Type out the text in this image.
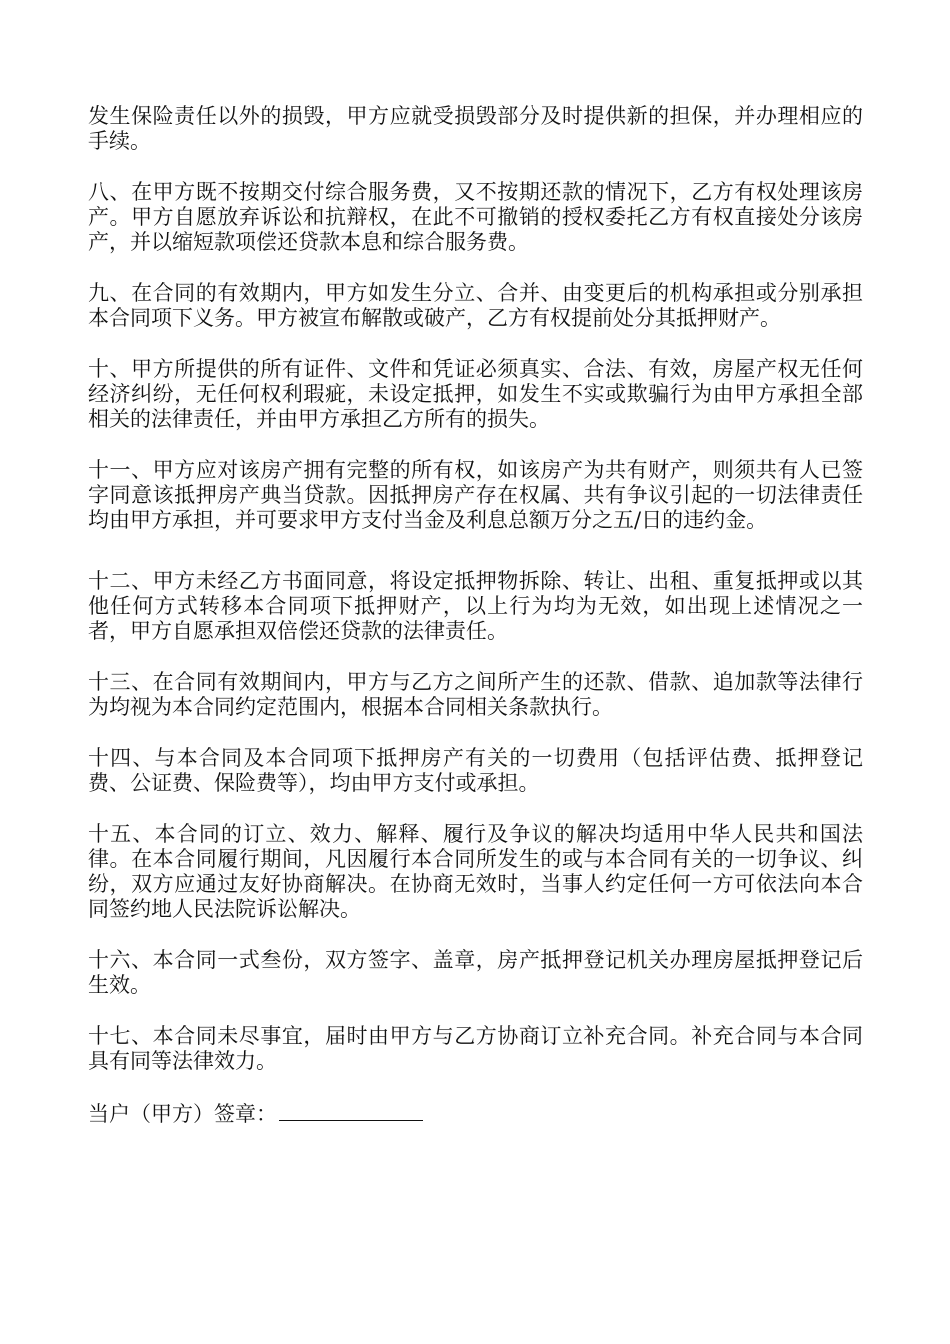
发生保险责任以外的损毁，甲方应就受损毁部分及时提供新的担保，并办理相应的手续。

八、在甲方既不按期交付综合服务费，又不按期还款的情况下，乙方有权处理该房产。甲方自愿放弃诉讼和抗辩权，在此不可撤销的授权委托乙方有权直接处分该房产，并以缩短款项偿还贷款本息和综合服务费。

九、在合同的有效期内，甲方如发生分立、合并、由变更后的机构承担或分别承担本合同项下义务。甲方被宣布解散或破产，乙方有权提前处分其抵押财产。

十、甲方所提供的所有证件、文件和凭证必须真实、合法、有效，房屋产权无任何经济纠纷，无任何权利瑕疵，未设定抵押，如发生不实或欺骗行为由甲方承担全部相关的法律责任，并由甲方承担乙方所有的损失。

十一、甲方应对该房产拥有完整的所有权，如该房产为共有财产，则须共有人已签字同意该抵押房产典当贷款。因抵押房产存在权属、共有争议引起的一切法律责任均由甲方承担，并可要求甲方支付当金及利息总额万分之五/日的违约金。

十二、甲方未经乙方书面同意，将设定抵押物拆除、转让、出租、重复抵押或以其他任何方式转移本合同项下抵押财产，以上行为均为无效，如出现上述情况之一者，甲方自愿承担双倍偿还贷款的法律责任。

十三、在合同有效期间内，甲方与乙方之间所产生的还款、借款、追加款等法律行为均视为本合同约定范围内，根据本合同相关条款执行。

十四、与本合同及本合同项下抵押房产有关的一切费用（包括评估费、抵押登记费、公证费、保险费等），均由甲方支付或承担。

十五、本合同的订立、效力、解释、履行及争议的解决均适用中华人民共和国法律。在本合同履行期间，凡因履行本合同所发生的或与本合同有关的一切争议、纠纷，双方应通过友好协商解决。在协商无效时，当事人约定任何一方可依法向本合同签约地人民法院诉讼解决。

十六、本合同一式叁份，双方签字、盖章，房产抵押登记机关办理房屋抵押登记后生效。

十七、本合同未尽事宜，届时由甲方与乙方协商订立补充合同。补充合同与本合同具有同等法律效力。

当户（甲方）签章：
